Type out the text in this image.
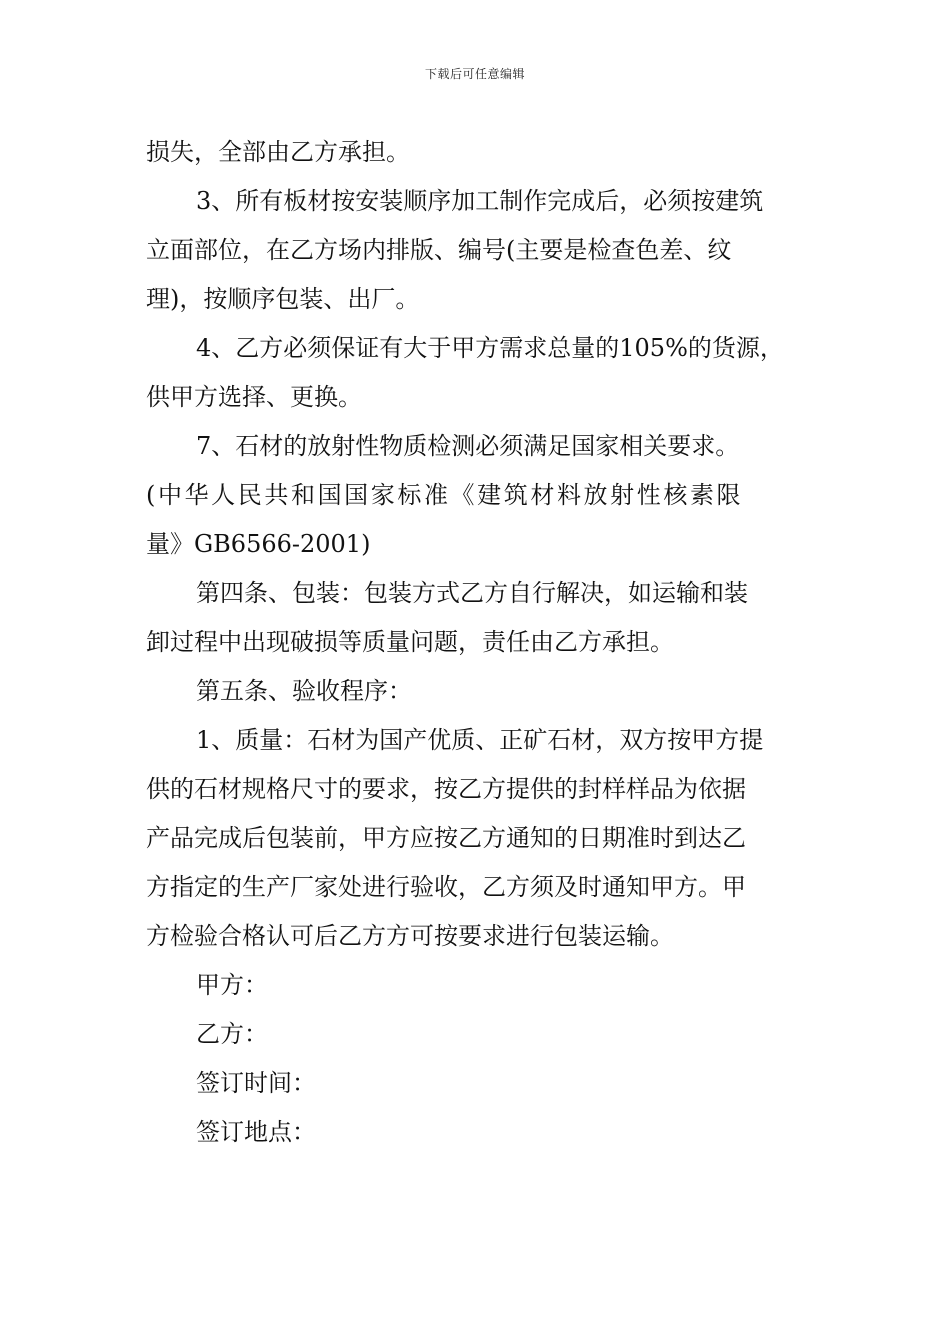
下载后可任意编辑

损失，全部由乙方承担。

3、所有板材按安装顺序加工制作完成后，必须按建筑

立面部位，在乙方场内排版、编号(主要是检查色差、纹

理)，按顺序包装、出厂。

4、乙方必须保证有大于甲方需求总量的105%的货源，

供甲方选择、更换。

7、石材的放射性物质检测必须满足国家相关要求。

(中华人民共和国国家标准《建筑材料放射性核素限

量》GB6566-2001)

第四条、包装：包装方式乙方自行解决，如运输和装

卸过程中出现破损等质量问题，责任由乙方承担。

第五条、验收程序：

1、质量：石材为国产优质、正矿石材，双方按甲方提

供的石材规格尺寸的要求，按乙方提供的封样样品为依据

产品完成后包装前，甲方应按乙方通知的日期准时到达乙

方指定的生产厂家处进行验收，乙方须及时通知甲方。甲

方检验合格认可后乙方方可按要求进行包装运输。

甲方：

乙方：

签订时间：

签订地点：
